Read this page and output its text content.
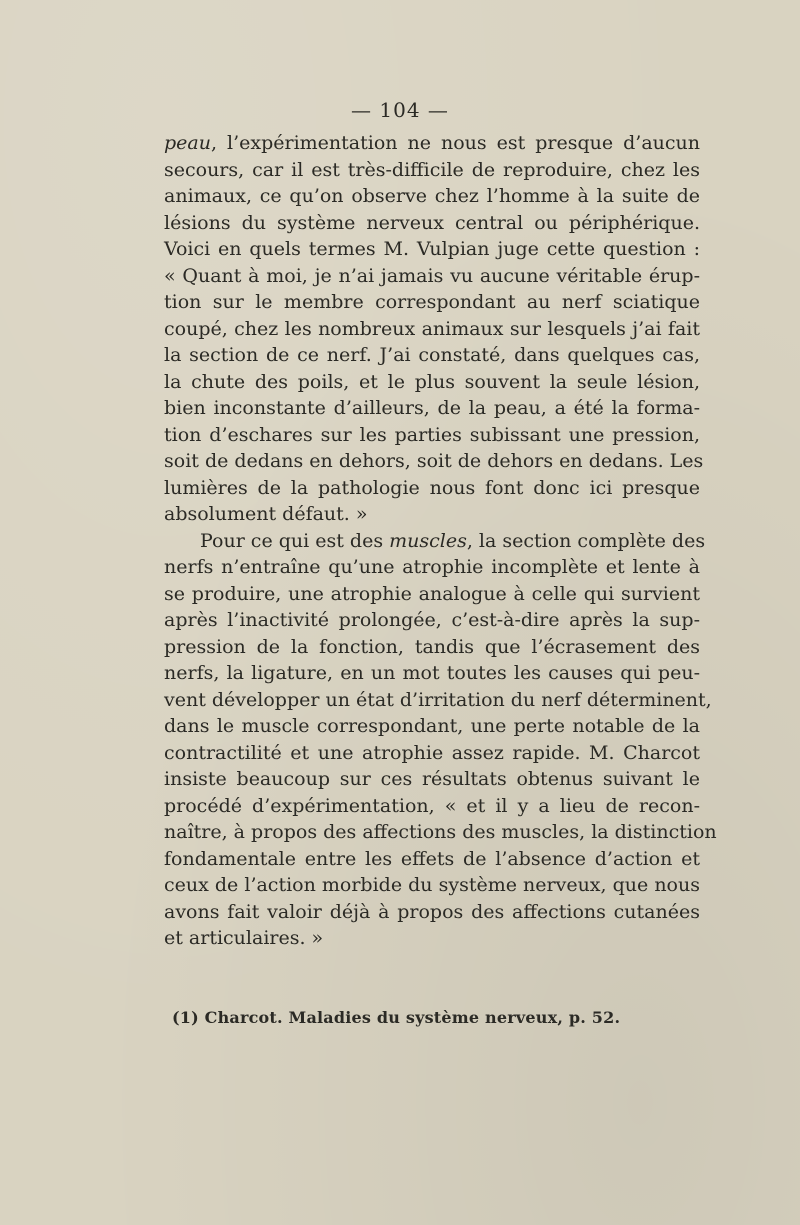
— 104 —
peau, l’expérimentation ne nous est presque d’aucun
secours, car il est très-difficile de reproduire, chez les
animaux, ce qu’on observe chez l’homme à la suite de
lésions du système nerveux central ou périphérique.
Voici en quels termes M. Vulpian juge cette question :
« Quant à moi, je n’ai jamais vu aucune véritable érup-
tion sur le membre correspondant au nerf sciatique
coupé, chez les nombreux animaux sur lesquels j’ai fait
la section de ce nerf. J’ai constaté, dans quelques cas,
la chute des poils, et le plus souvent la seule lésion,
bien inconstante d’ailleurs, de la peau, a été la forma-
tion d’eschares sur les parties subissant une pression,
soit de dedans en dehors, soit de dehors en dedans. Les
lumières de la pathologie nous font donc ici presque
absolument défaut. »
Pour ce qui est des muscles, la section complète des
nerfs n’entraîne qu’une atrophie incomplète et lente à
se produire, une atrophie analogue à celle qui survient
après l’inactivité prolongée, c’est-à-dire après la sup-
pression de la fonction, tandis que l’écrasement des
nerfs, la ligature, en un mot toutes les causes qui peu-
vent développer un état d’irritation du nerf déterminent,
dans le muscle correspondant, une perte notable de la
contractilité et une atrophie assez rapide. M. Charcot
insiste beaucoup sur ces résultats obtenus suivant le
procédé d’expérimentation, « et il y a lieu de recon-
naître, à propos des affections des muscles, la distinction
fondamentale entre les effets de l’absence d’action et
ceux de l’action morbide du système nerveux, que nous
avons fait valoir déjà à propos des affections cutanées
et articulaires. »
(1) Charcot. Maladies du système nerveux, p. 52.
